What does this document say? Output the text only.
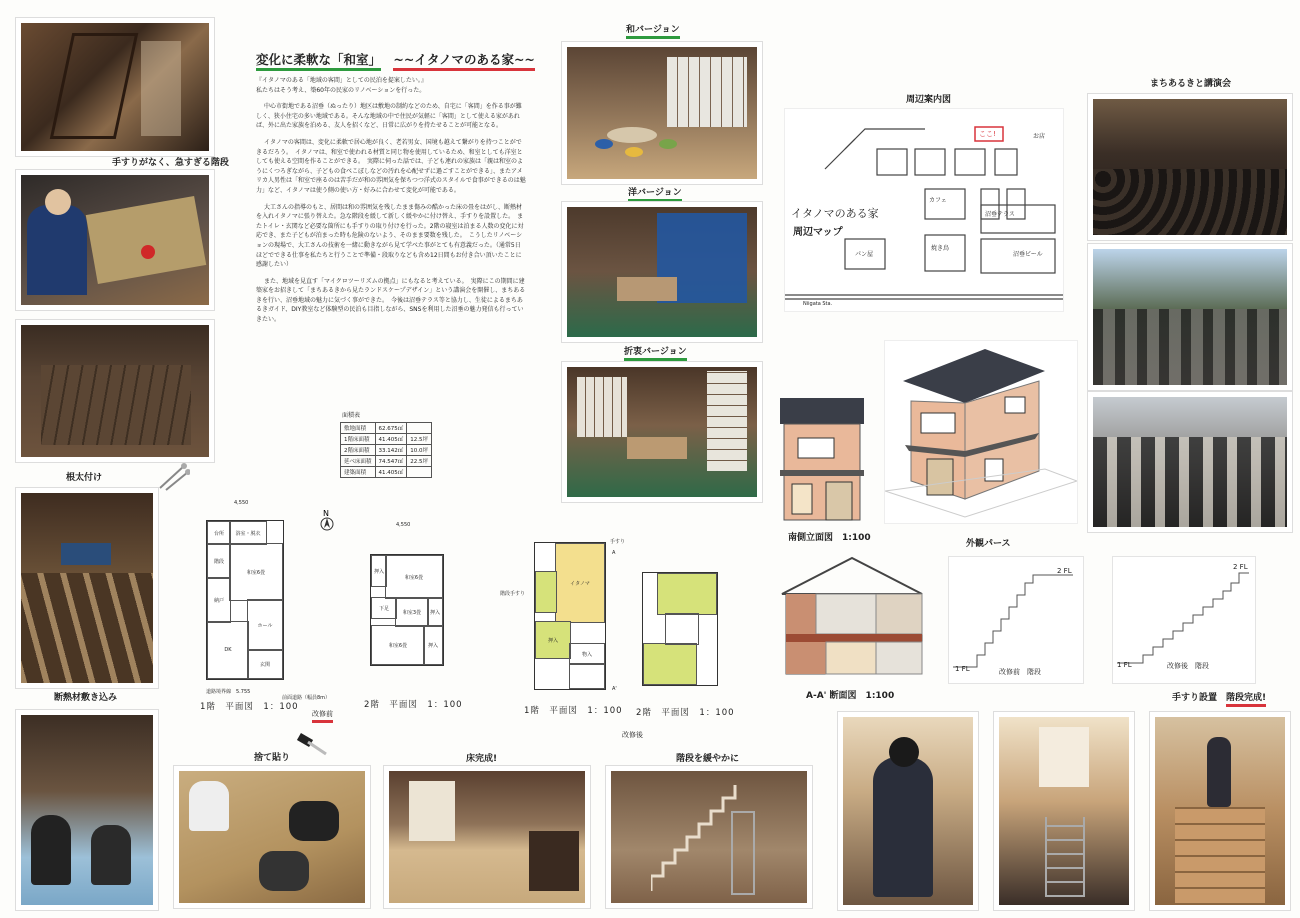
手すりがなく、急すぎる階段
根太付け
断熱材敷き込み
変化に柔軟な「和室」 ~~イタノマのある家~~

『イタノマのある「地域の客間」としての民泊を提案したい。』
私たちはそう考え、築60年の民家のリノベーションを行った。

中心市街地である沼垂（ぬったり）地区は敷地の制約などのため、自宅に「客間」を作る事が難しく、狭小住宅の多い地域である。そんな地域の中で住民が気軽に「客間」として使える家があれば、外に出た家族を泊める、友人を招くなど、日常に広がりを持たせることが可能となる。

イタノマの客間は、変化に柔軟で居心地が良く、老若男女、国境も越えて繋がりを持つことができるだろう。　イタノマは、和室で使われる材質と同じ物を使用しているため、和室としても洋室としても使える空間を作ることができる。　実際に伺った話では、子ども連れの家族は「親は和室のようにくつろぎながら、子どもの食べこぼしなどの汚れを心配せずに過ごすことができる」、またアメリカ人男性は「和室で座るのは苦手だが和の雰囲気を保ちつつ洋式のスタイルで食事ができるのは魅力」など、イタノマは使う側の使い方・好みに合わせて変化が可能である。

大工さんの指導のもと、居間は和の雰囲気を残したまま傷みの酷かった床の畳をはがし、断熱材を入れイタノマに張り替えた。急な階段を緩して新しく緩やかに付け替え、手すりを設置した。　またトイレ・玄関など必要な箇所にも手すりの取り付けを行った。2階の寝室は泊まる人数の変化に対応でき、また子どもが泊まった時も危険のないよう、そのまま要数を残した。　こうしたリノベーションの現場で、大工さんの技術を一緒に動きながら見て学べた事がとても有意義だった。（通常5日ほどでできる仕事を私たちと行うことで準備・段取りなども含め12日間もお付き合い頂いたことに感謝したい）

また、地域を見直す「マイクロツーリズムの拠点」にもなると考えている。　実際にこの期間に建築家をお招きして「まちあるきから見たランドスケープデザイン」という講演会を開催し、まちあるきを行い、沼垂地域の魅力に気づく事ができた。　今後は沼垂テラス等と協力し、生徒によるまちあるきガイド、DIY教室など体験型の民泊も目指しながら、SNSを利用した沼垂の魅力発信も行っていきたい。

面積表
敷地面積	62.675㎡	
1階床面積	41.405㎡	12.5坪
2階床面積	33.142㎡	10.0坪
延べ床面積	74.547㎡	22.5坪
建築面積	41.405㎡	
4,550
台所	浴室・脱衣
和室6畳
階段
納戸
DK
ホール
玄関
道路境界線　5.755
前面道路（幅員8m）
1階　平面図　1：100
N
4,550
押入
和室6畳
和室3畳
下足
和室6畳
押入
押入
2階　平面図　1：100
改修前
イタノマ
押入
物入
手すり
階段手すり
A
A'
1階　平面図　1：100 2階　平面図　1：100
改修後
捨て貼り	床完成!	階段を緩やかに
和バージョン
洋バージョン
折衷バージョン
周辺案内図
イタノマのある家
周辺マップ
ここ!
カフェ
沼垂テラス
パン屋
お店
焼き鳥
沼垂ビール
Niigata Sta.
まちあるきと講演会
南側立面図　1:100
外観パース
A-A' 断面図　1:100
2 FL
1 FL	改修前　階段
2 FL
1 FL	改修後　階段
手すり設置 階段完成!
